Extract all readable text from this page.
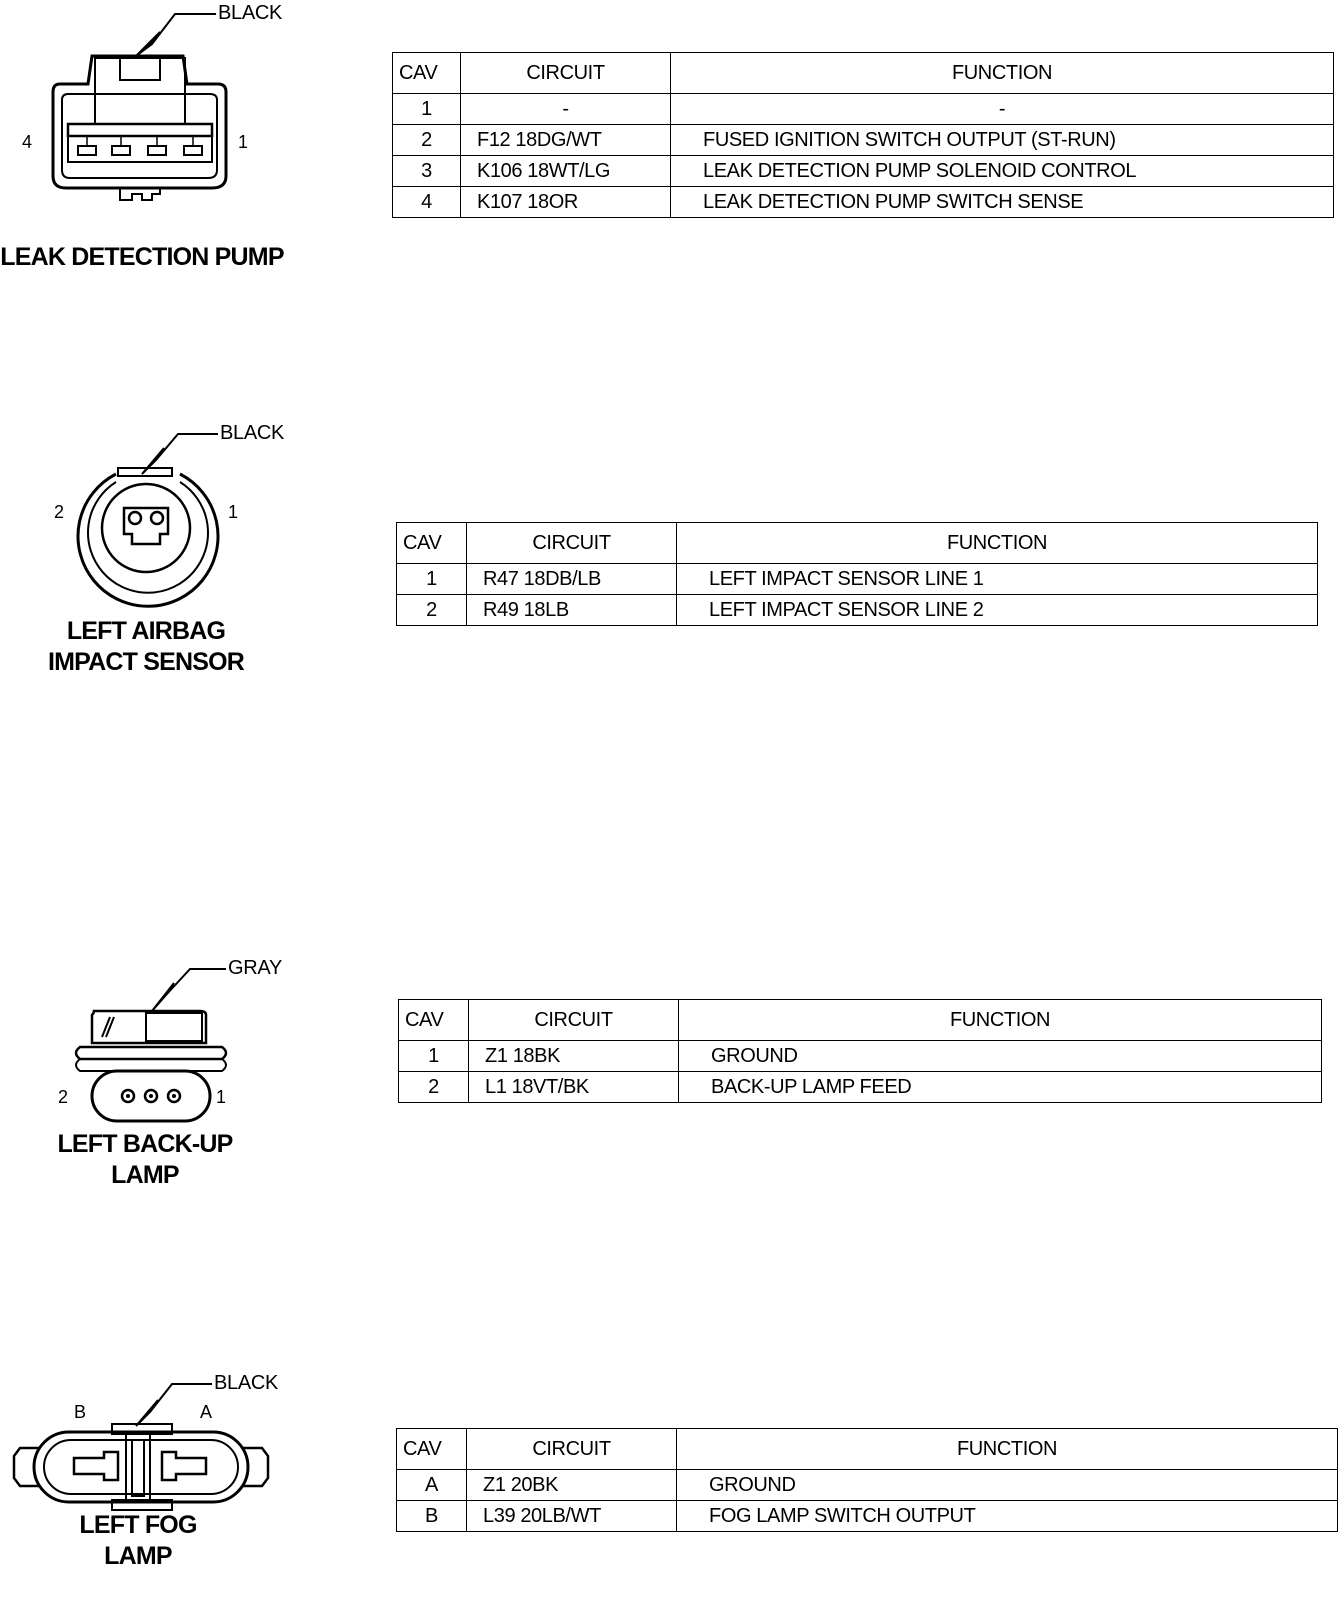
BLACK
4	1
LEAK DETECTION PUMP
CAV	CIRCUIT	FUNCTION
1	-	-
2	F12 18DG/WT	FUSED IGNITION SWITCH OUTPUT (ST-RUN)
3	K106 18WT/LG	LEAK DETECTION PUMP SOLENOID CONTROL
4	K107 18OR	LEAK DETECTION PUMP SWITCH SENSE
BLACK
2	1
LEFT AIRBAG
IMPACT SENSOR
CAV	CIRCUIT	FUNCTION
1	R47 18DB/LB	LEFT IMPACT SENSOR LINE 1
2	R49 18LB	LEFT IMPACT SENSOR LINE 2
GRAY
2	1
LEFT BACK-UP
LAMP
CAV	CIRCUIT	FUNCTION
1	Z1 18BK	GROUND
2	L1 18VT/BK	BACK-UP LAMP FEED
BLACK
B	A
LEFT FOG
LAMP
CAV	CIRCUIT	FUNCTION
A	Z1 20BK	GROUND
B	L39 20LB/WT	FOG LAMP SWITCH OUTPUT
